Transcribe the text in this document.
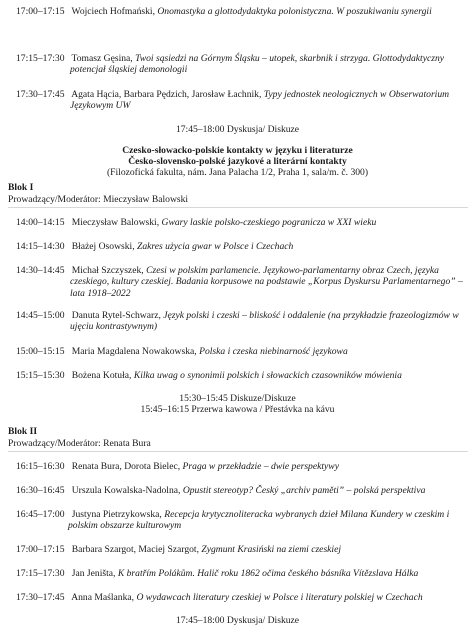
17:00–17:15 Wojciech Hofmański, Onomastyka a glottodydaktyka polonistyczna. W poszukiwaniu synergii
17:15–17:30 Tomasz Gęsina, Twoi sąsiedzi na Górnym Śląsku – utopek, skarbnik i strzyga. Glottodydaktyczny potencjał śląskiej demonologii
17:30–17:45 Agata Hącia, Barbara Pędzich, Jarosław Łachnik, Typy jednostek neologicznych w Obserwatorium Językowym UW
17:45–18:00 Dyskusja/ Diskuze
Czesko-słowacko-polskie kontakty w języku i literaturze
Česko-slovensko-polské jazykové a literární kontakty
(Filozofická fakulta, nám. Jana Palacha 1/2, Praha 1, sala/m. č. 300)
Blok I
Prowadzący/Moderátor: Mieczysław Balowski
14:00–14:15 Mieczysław Balowski, Gwary laskie polsko-czeskiego pogranicza w XXI wieku
14:15–14:30 Błażej Osowski, Zakres użycia gwar w Polsce i Czechach
14:30–14:45 Michał Szczyszek, Czesi w polskim parlamencie. Językowo-parlamentarny obraz Czech, języka czeskiego, kultury czeskiej. Badania korpusowe na podstawie „Korpus Dyskursu Parlamentarnego” – lata 1918–2022
14:45–15:00 Danuta Rytel-Schwarz, Język polski i czeski – bliskość i oddalenie (na przykładzie frazeologizmów w ujęciu kontrastywnym)
15:00–15:15 Maria Magdalena Nowakowska, Polska i czeska niebinarność językowa
15:15–15:30 Bożena Kotuła, Kilka uwag o synonimii polskich i słowackich czasowników mówienia
15:30–15:45 Diskuze/Diskuze
15:45–16:15 Przerwa kawowa / Přestávka na kávu
Blok II
Prowadzący/Moderátor: Renata Bura
16:15–16:30 Renata Bura, Dorota Bielec, Praga w przekładzie – dwie perspektywy
16:30–16:45 Urszula Kowalska-Nadolna, Opustit stereotyp? Český „archiv paměti” – polská perspektiva
16:45–17:00 Justyna Pietrzykowska, Recepcja krytycznoliteracka wybranych dzieł Milana Kundery w czeskim i polskim obszarze kulturowym
17:00–17:15 Barbara Szargot, Maciej Szargot, Zygmunt Krasiński na ziemi czeskiej
17:15–17:30 Jan Jeništa, K bratřím Polákům. Halič roku 1862 očima českého básníka Vítězslava Hálka
17:30–17:45 Anna Maślanka, O wydawcach literatury czeskiej w Polsce i literatury polskiej w Czechach
17:45–18:00 Dyskusja/ Diskuze
